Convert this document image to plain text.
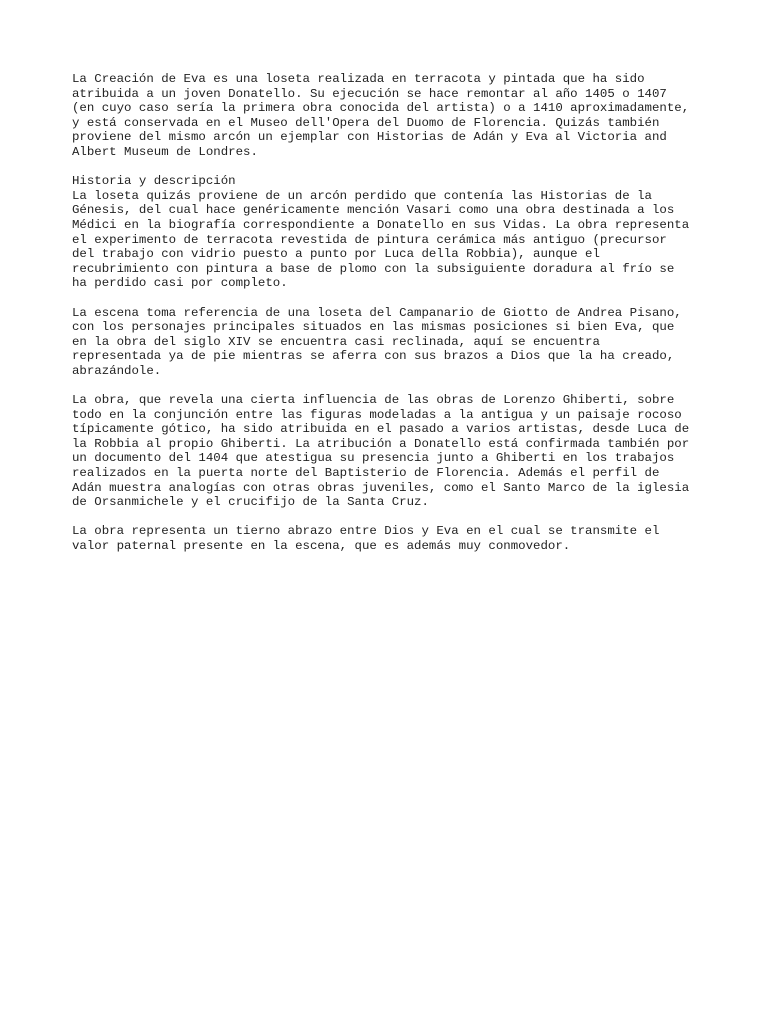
La Creación de Eva es una loseta realizada en terracota y pintada que ha sido
atribuida a un joven Donatello. Su ejecución se hace remontar al año 1405 o 1407
(en cuyo caso sería la primera obra conocida del artista) o a 1410 aproximadamente,
y está conservada en el Museo dell'Opera del Duomo de Florencia. Quizás también
proviene del mismo arcón un ejemplar con Historias de Adán y Eva al Victoria and
Albert Museum de Londres.

Historia y descripción

La loseta quizás proviene de un arcón perdido que contenía las Historias de la
Génesis, del cual hace genéricamente mención Vasari como una obra destinada a los
Médici en la biografía correspondiente a Donatello en sus Vidas. La obra representa
el experimento de terracota revestida de pintura cerámica más antiguo (precursor
del trabajo con vidrio puesto a punto por Luca della Robbia), aunque el
recubrimiento con pintura a base de plomo con la subsiguiente doradura al frío se
ha perdido casi por completo.

La escena toma referencia de una loseta del Campanario de Giotto de Andrea Pisano,
con los personajes principales situados en las mismas posiciones si bien Eva, que
en la obra del siglo XIV se encuentra casi reclinada, aquí se encuentra
representada ya de pie mientras se aferra con sus brazos a Dios que la ha creado,
abrazándole.

La obra, que revela una cierta influencia de las obras de Lorenzo Ghiberti, sobre
todo en la conjunción entre las figuras modeladas a la antigua y un paisaje rocoso
típicamente gótico, ha sido atribuida en el pasado a varios artistas, desde Luca de
la Robbia al propio Ghiberti. La atribución a Donatello está confirmada también por
un documento del 1404 que atestigua su presencia junto a Ghiberti en los trabajos
realizados en la puerta norte del Baptisterio de Florencia. Además el perfil de
Adán muestra analogías con otras obras juveniles, como el Santo Marco de la iglesia
de Orsanmichele y el crucifijo de la Santa Cruz.

La obra representa un tierno abrazo entre Dios y Eva en el cual se transmite el
valor paternal presente en la escena, que es además muy conmovedor.
